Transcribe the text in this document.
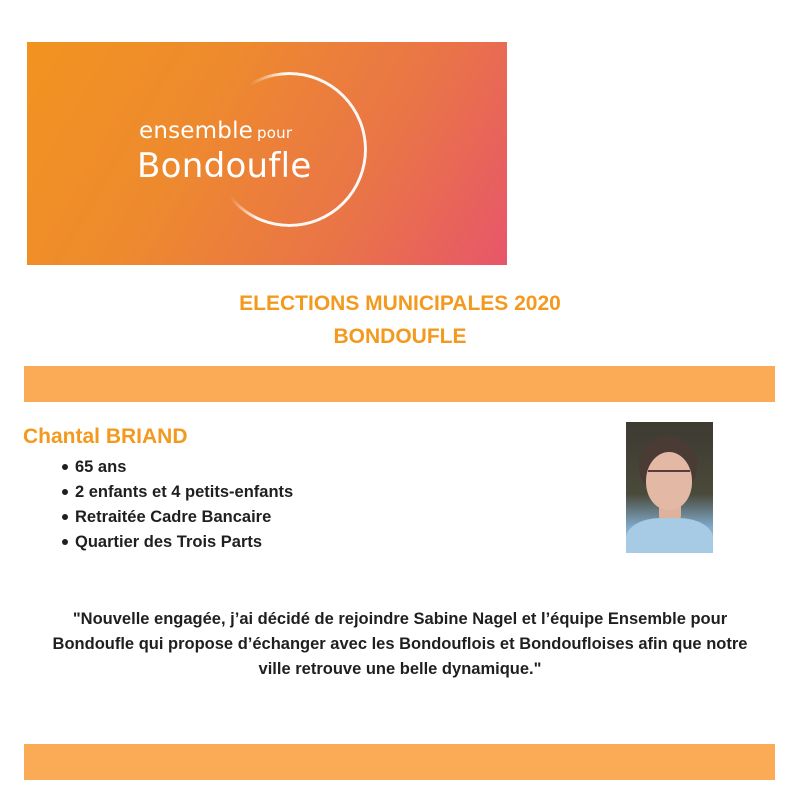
ensemble pour
Bondoufle
ELECTIONS MUNICIPALES 2020
BONDOUFLE
Chantal BRIAND
65 ans
2 enfants et 4 petits-enfants
Retraitée Cadre Bancaire
Quartier des Trois Parts

"Nouvelle engagée, j’ai décidé de rejoindre Sabine Nagel et l’équipe Ensemble pour Bondoufle qui propose d’échanger avec les Bondouflois et Bondoufloises afin que notre ville retrouve une belle dynamique."
